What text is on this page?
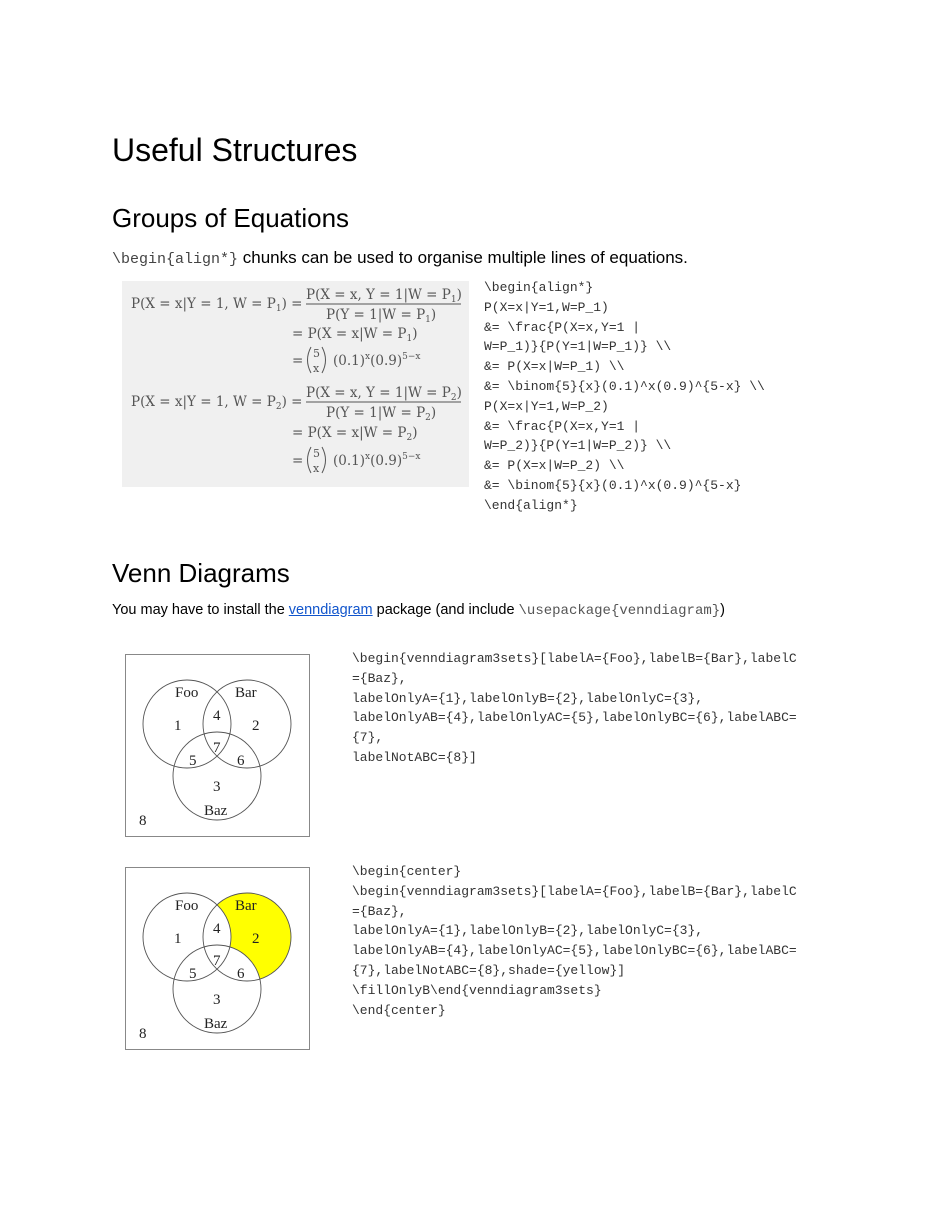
Useful Structures
Groups of Equations
\begin{align*} chunks can be used to organise multiple lines of equations.
P(X = x|Y = 1, $W = P_1$) =
P(X = x, $Y = 1|W = P_1$)
$P(Y = 1|W = P_1)$
= $P(X = x|W = P_1)$
= 5
x $(0.1)^x(0.9)^{5-x}$
P(X = x|Y = 1, $W = P_2$) =
P(X = x, $Y = 1|W = P_2$)
$P(Y = 1|W = P_2)$
= $P(X = x|W = P_2)$
= 5
x $(0.1)^x(0.9)^{5-x}$
\begin{align*}
P(X=x|Y=1,W=P_1)
&= \frac{P(X=x,Y=1 |
W=P_1)}{P(Y=1|W=P_1)} \\
&= P(X=x|W=P_1) \\
&= \binom{5}{x}(0.1)^x(0.9)^{5-x} \\
P(X=x|Y=1,W=P_2)
&= \frac{P(X=x,Y=1 |
W=P_2)}{P(Y=1|W=P_2)} \\
&= P(X=x|W=P_2) \\
&= \binom{5}{x}(0.1)^x(0.9)^{5-x}
\end{align*}
Venn Diagrams
You may have to install the venndiagram package (and include \usepackage{venndiagram})
Foo Bar
Baz
1	2
3
4
5	6
7
8
\begin{venndiagram3sets}[labelA={Foo},labelB={Bar},labelC
={Baz},
labelOnlyA={1},labelOnlyB={2},labelOnlyC={3},
labelOnlyAB={4},labelOnlyAC={5},labelOnlyBC={6},labelABC=
{7},
labelNotABC={8}]
Foo Bar
Baz
1	2
3
4
5	6
7
8
\begin{center}
\begin{venndiagram3sets}[labelA={Foo},labelB={Bar},labelC
={Baz},
labelOnlyA={1},labelOnlyB={2},labelOnlyC={3},
labelOnlyAB={4},labelOnlyAC={5},labelOnlyBC={6},labelABC=
{7},labelNotABC={8},shade={yellow}]
\fillOnlyB\end{venndiagram3sets}
\end{center}
